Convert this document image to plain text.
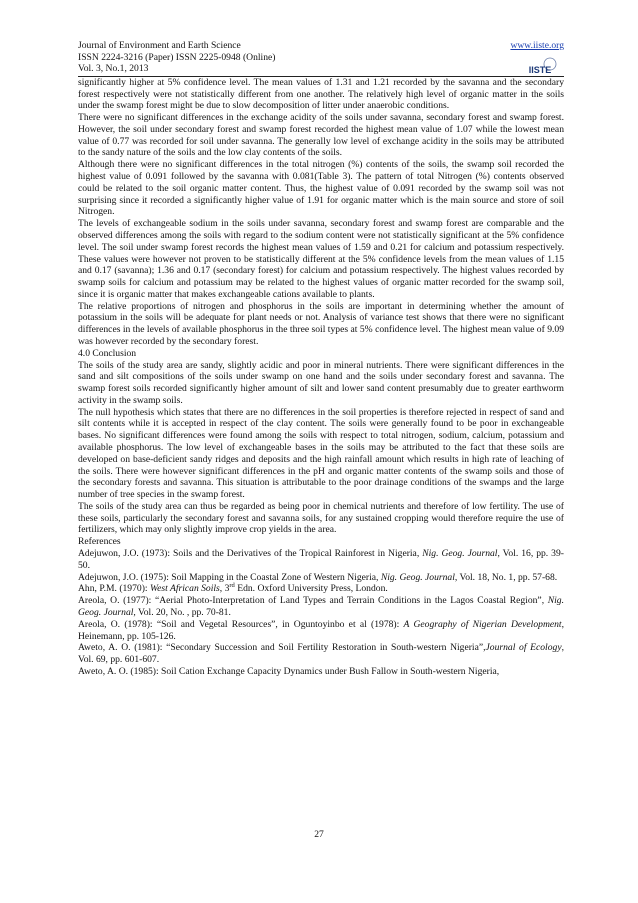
Journal of Environment and Earth Science
ISSN 2224-3216 (Paper) ISSN 2225-0948 (Online)
Vol. 3, No.1, 2013
www.iiste.org
IISTE

significantly higher at 5% confidence level. The mean values of 1.31 and 1.21 recorded by the savanna and the secondary forest respectively were not statistically different from one another. The relatively high level of organic matter in the soils under the swamp forest might be due to slow decomposition of litter under anaerobic conditions.

There were no significant differences in the exchange acidity of the soils under savanna, secondary forest and swamp forest. However, the soil under secondary forest and swamp forest recorded the highest mean value of 1.07 while the lowest mean value of 0.77 was recorded for soil under savanna. The generally low level of exchange acidity in the soils may be attributed to the sandy nature of the soils and the low clay contents of the soils.

Although there were no significant differences in the total nitrogen (%) contents of the soils, the swamp soil recorded the highest value of 0.091 followed by the savanna with 0.081(Table 3). The pattern of total Nitrogen (%) contents observed could be related to the soil organic matter content. Thus, the highest value of 0.091 recorded by the swamp soil was not surprising since it recorded a significantly higher value of 1.91 for organic matter which is the main source and store of soil Nitrogen.

The levels of exchangeable sodium in the soils under savanna, secondary forest and swamp forest are comparable and the observed differences among the soils with regard to the sodium content were not statistically significant at the 5% confidence level. The soil under swamp forest records the highest mean values of 1.59 and 0.21 for calcium and potassium respectively. These values were however not proven to be statistically different at the 5% confidence levels from the mean values of 1.15 and 0.17 (savanna); 1.36 and 0.17 (secondary forest) for calcium and potassium respectively. The highest values recorded by swamp soils for calcium and potassium may be related to the highest values of organic matter recorded for the swamp soil, since it is organic matter that makes exchangeable cations available to plants.

The relative proportions of nitrogen and phosphorus in the soils are important in determining whether the amount of potassium in the soils will be adequate for plant needs or not. Analysis of variance test shows that there were no significant differences in the levels of available phosphorus in the three soil types at 5% confidence level. The highest mean value of 9.09 was however recorded by the secondary forest.

4.0 Conclusion

The soils of the study area are sandy, slightly acidic and poor in mineral nutrients. There were significant differences in the sand and silt compositions of the soils under swamp on one hand and the soils under secondary forest and savanna. The swamp forest soils recorded significantly higher amount of silt and lower sand content presumably due to greater earthworm activity in the swamp soils.

The null hypothesis which states that there are no differences in the soil properties is therefore rejected in respect of sand and silt contents while it is accepted in respect of the clay content. The soils were generally found to be poor in exchangeable bases. No significant differences were found among the soils with respect to total nitrogen, sodium, calcium, potassium and available phosphorus. The low level of exchangeable bases in the soils may be attributed to the fact that these soils are developed on base-deficient sandy ridges and deposits and the high rainfall amount which results in high rate of leaching of the soils. There were however significant differences in the pH and organic matter contents of the swamp soils and those of the secondary forests and savanna. This situation is attributable to the poor drainage conditions of the swamps and the large number of tree species in the swamp forest.

The soils of the study area can thus be regarded as being poor in chemical nutrients and therefore of low fertility. The use of these soils, particularly the secondary forest and savanna soils, for any sustained cropping would therefore require the use of fertilizers, which may only slightly improve crop yields in the area.

References

Adejuwon, J.O. (1973): Soils and the Derivatives of the Tropical Rainforest in Nigeria, Nig. Geog. Journal, Vol. 16, pp. 39-50.

Adejuwon, J.O. (1975): Soil Mapping in the Coastal Zone of Western Nigeria, Nig. Geog. Journal, Vol. 18, No. 1, pp. 57-68.

Ahn, P.M. (1970): West African Soils, 3rd Edn. Oxford University Press, London.

Areola, O. (1977): “Aerial Photo-Interpretation of Land Types and Terrain Conditions in the Lagos Coastal Region”, Nig. Geog. Journal, Vol. 20, No. , pp. 70-81.

Areola, O. (1978): “Soil and Vegetal Resources”, in Oguntoyinbo et al (1978): A Geography of Nigerian Development, Heinemann, pp. 105-126.

Aweto, A. O. (1981): “Secondary Succession and Soil Fertility Restoration in South-western Nigeria”,Journal of Ecology, Vol. 69, pp. 601-607.

Aweto, A. O. (1985): Soil Cation Exchange Capacity Dynamics under Bush Fallow in South-western Nigeria,

27
